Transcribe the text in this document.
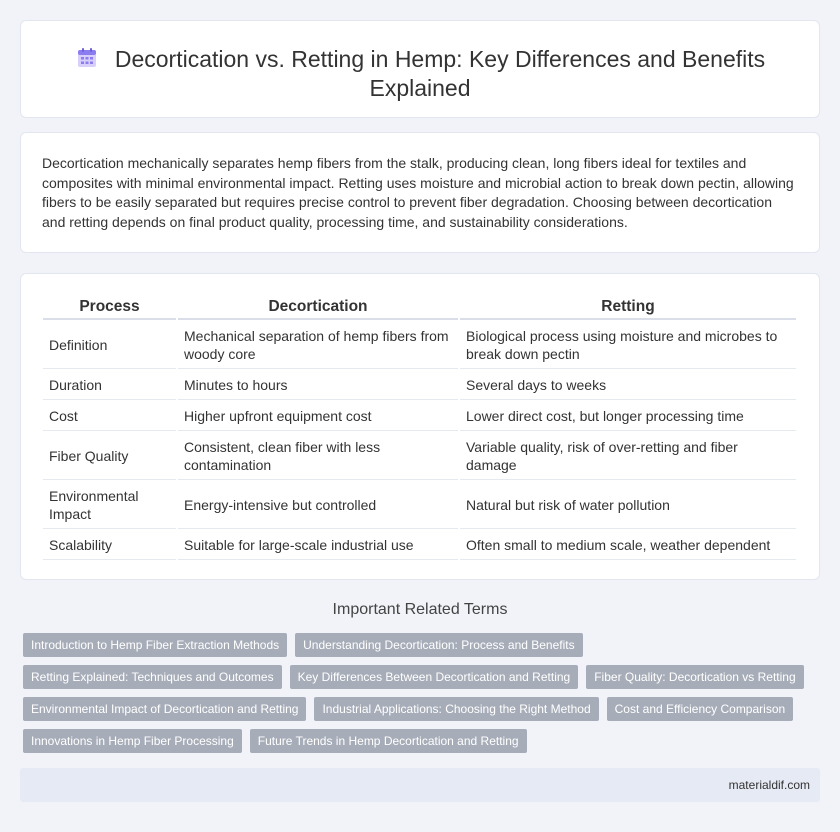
Decortication vs. Retting in Hemp: Key Differences and Benefits Explained

Decortication mechanically separates hemp fibers from the stalk, producing clean, long fibers ideal for textiles and composites with minimal environmental impact. Retting uses moisture and microbial action to break down pectin, allowing fibers to be easily separated but requires precise control to prevent fiber degradation. Choosing between decortication and retting depends on final product quality, processing time, and sustainability considerations.

Process	Decortication	Retting
Definition	Mechanical separation of hemp fibers from woody core	Biological process using moisture and microbes to break down pectin
Duration	Minutes to hours	Several days to weeks
Cost	Higher upfront equipment cost	Lower direct cost, but longer processing time
Fiber Quality	Consistent, clean fiber with less contamination	Variable quality, risk of over-retting and fiber damage
Environmental Impact	Energy-intensive but controlled	Natural but risk of water pollution
Scalability	Suitable for large-scale industrial use	Often small to medium scale, weather dependent
Important Related Terms
Introduction to Hemp Fiber Extraction Methods	Understanding Decortication: Process and Benefits
Retting Explained: Techniques and Outcomes	Key Differences Between Decortication and Retting	Fiber Quality: Decortication vs Retting
Environmental Impact of Decortication and Retting	Industrial Applications: Choosing the Right Method	Cost and Efficiency Comparison
Innovations in Hemp Fiber Processing	Future Trends in Hemp Decortication and Retting
materialdif.com
